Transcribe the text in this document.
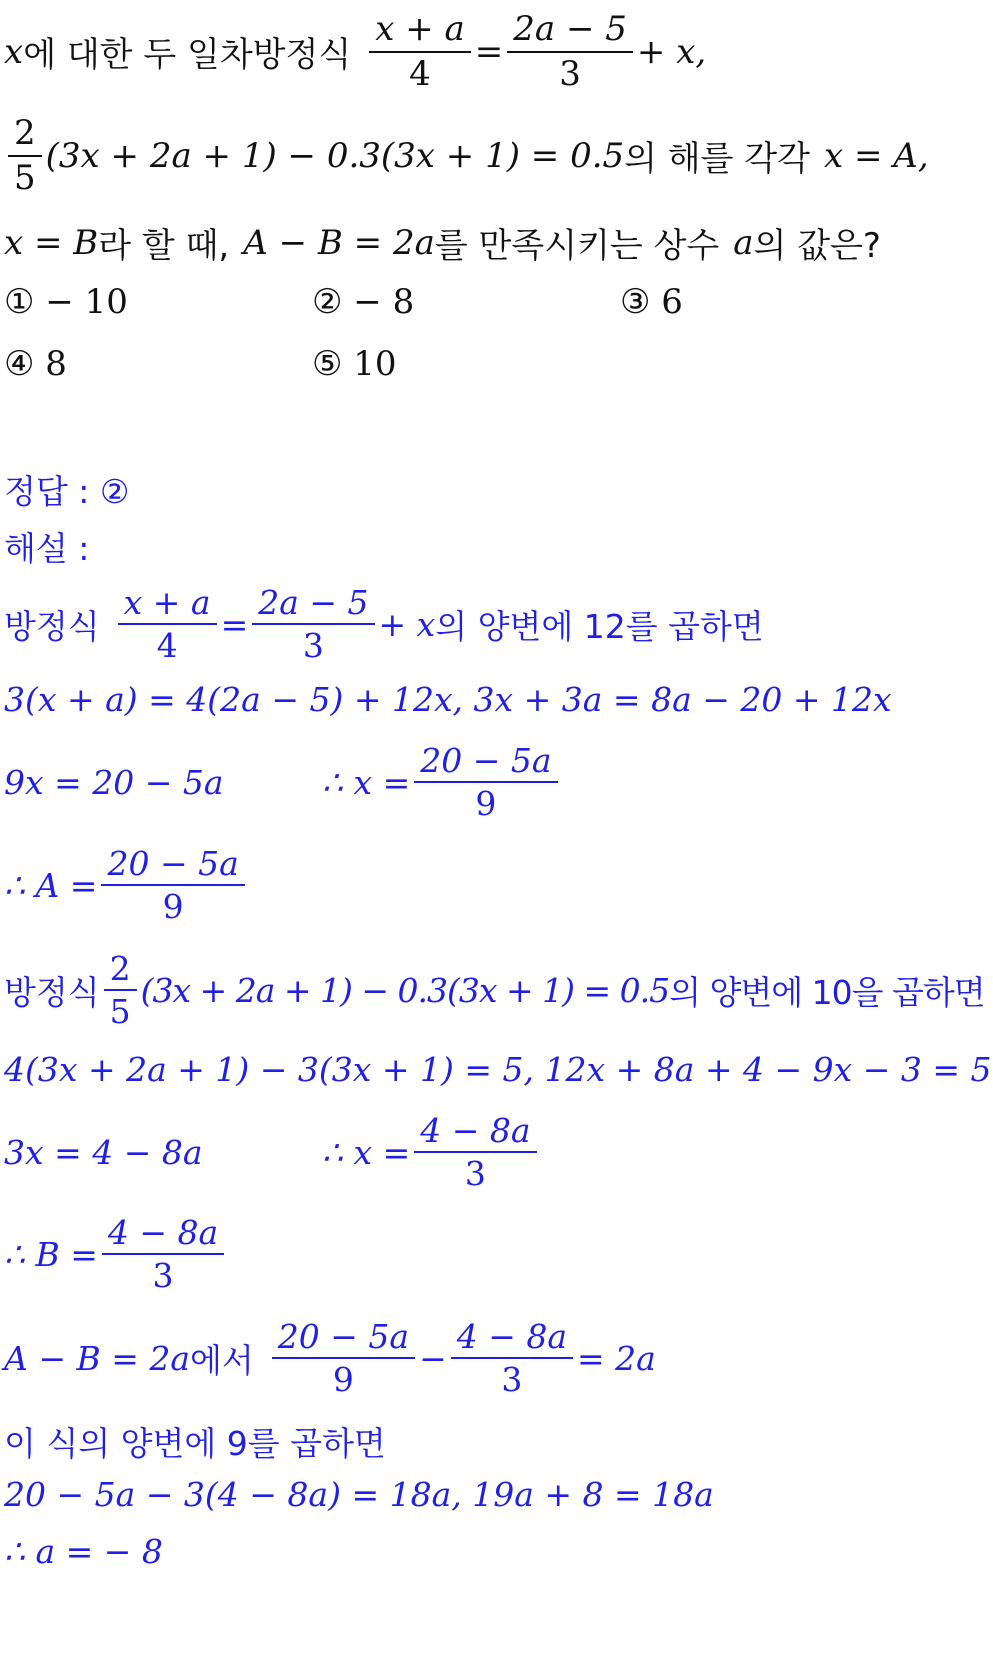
x 에 대한 두 일차방정식 $\frac{x + a}{4} = \frac{2a - 5}{3} + x$,
$\frac{2}{5} (3x + 2a + 1) - 0.3(3x + 1) = 0.5$ 의 해를 각각 x = A,
x = B 라 할 때, A − B = 2a 를 만족시키는 상수 a 의 값은?
① − 10	② − 8	③ 6
④ 8	⑤ 10
정답 : ②
해설 :
방정식 $\frac{x + a}{4} = \frac{2a - 5}{3} + x$ 의 양변에 12를 곱하면
3(x + a) = 4(2a − 5) + 12x, 3x + 3a = 8a − 20 + 12x
9x = 20 − 5a	∴ $x = \frac{20 - 5a}{9}$
∴ $A = \frac{20 - 5a}{9}$
방정식 $\frac{2}{5} (3x + 2a + 1) - 0.3(3x + 1) = 0.5$ 의 양변에 10을 곱하면
4(3x + 2a + 1) − 3(3x + 1) = 5, 12x + 8a + 4 − 9x − 3 = 5
3x = 4 − 8a	∴ $x = \frac{4 - 8a}{3}$
∴ $B = \frac{4 - 8a}{3}$
A − B = 2a 에서 $\frac{20 - 5a}{9} - \frac{4 - 8a}{3} = 2a$
이 식의 양변에 9를 곱하면
20 − 5a − 3(4 − 8a) = 18a, 19a + 8 = 18a
∴ a = − 8
